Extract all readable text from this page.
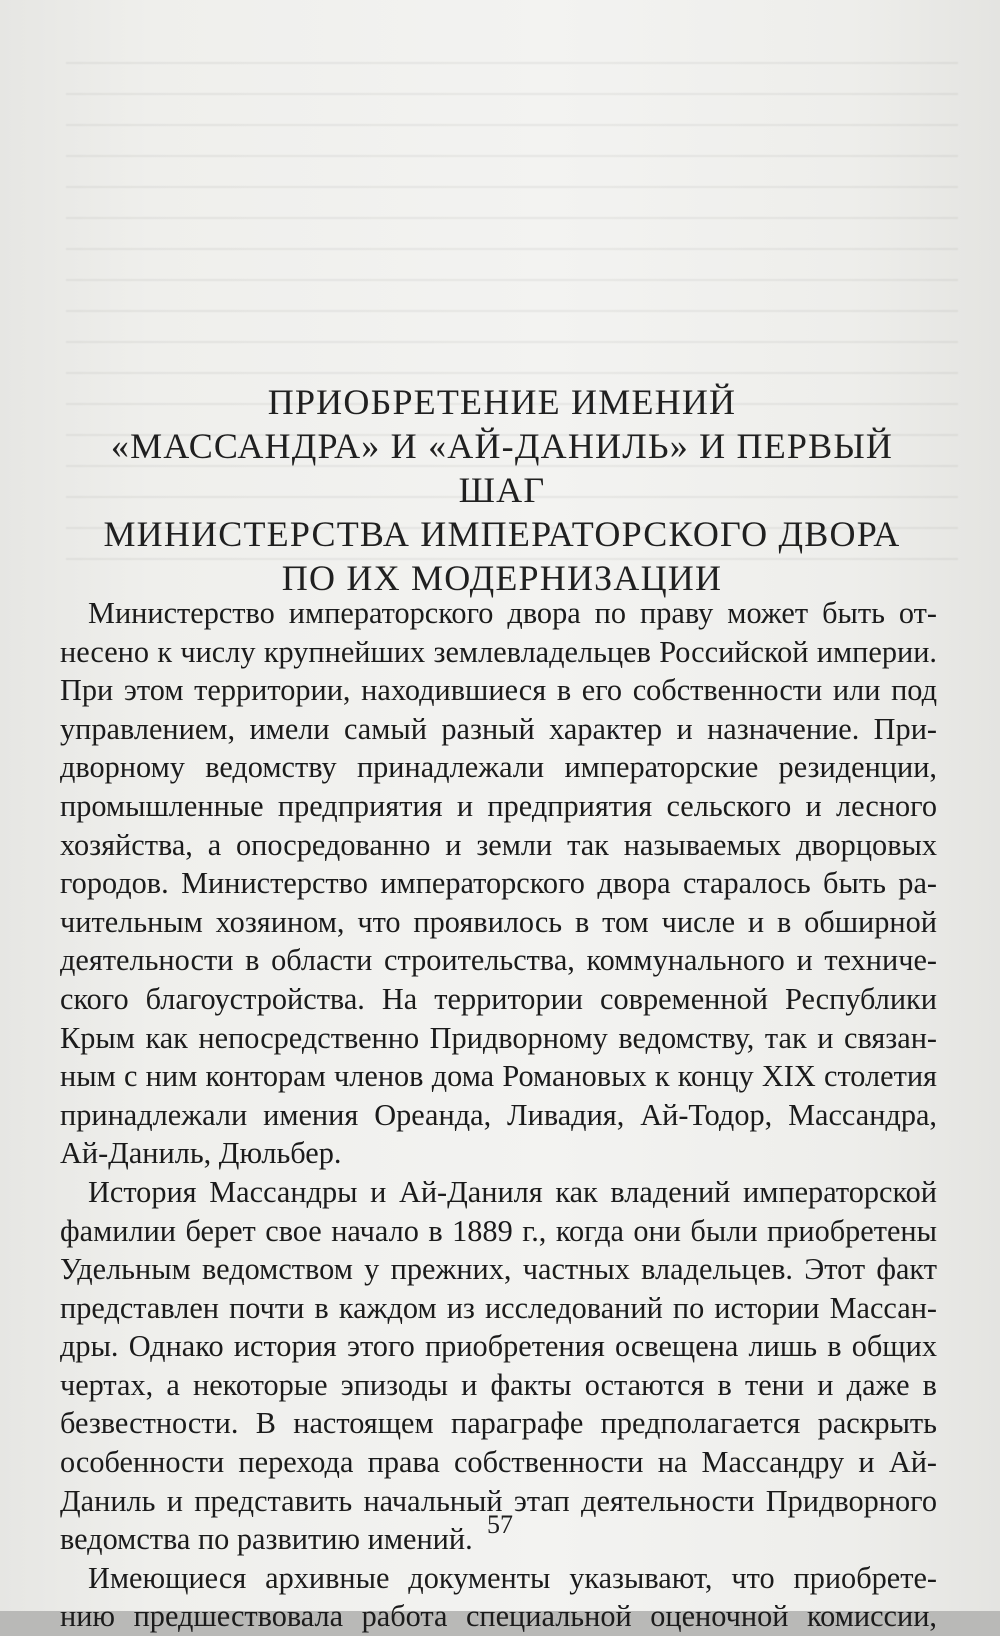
ПРИОБРЕТЕНИЕ ИМЕНИЙ
«МАССАНДРА» И «АЙ-ДАНИЛЬ» И ПЕРВЫЙ ШАГ
МИНИСТЕРСТВА ИМПЕРАТОРСКОГО ДВОРА
ПО ИХ МОДЕРНИЗАЦИИ
Министерство императорского двора по праву может быть от-
несено к числу крупнейших землевладельцев Российской империи.
При этом территории, находившиеся в его собственности или под
управлением, имели самый разный характер и назначение. При-
дворному ведомству принадлежали императорские резиденции,
промышленные предприятия и предприятия сельского и лесного
хозяйства, а опосредованно и земли так называемых дворцовых
городов. Министерство императорского двора старалось быть ра-
чительным хозяином, что проявилось в том числе и в обширной
деятельности в области строительства, коммунального и техниче-
ского благоустройства. На территории современной Республики
Крым как непосредственно Придворному ведомству, так и связан-
ным с ним конторам членов дома Романовых к концу XIX столетия
принадлежали имения Ореанда, Ливадия, Ай-Тодор, Массандра,
Ай-Даниль, Дюльбер.
История Массандры и Ай-Даниля как владений императорской
фамилии берет свое начало в 1889 г., когда они были приобретены
Удельным ведомством у прежних, частных владельцев. Этот факт
представлен почти в каждом из исследований по истории Массан-
дры. Однако история этого приобретения освещена лишь в общих
чертах, а некоторые эпизоды и факты остаются в тени и даже в
безвестности. В настоящем параграфе предполагается раскрыть
особенности перехода права собственности на Массандру и Ай-
Даниль и представить начальный этап деятельности Придворного
ведомства по развитию имений.
Имеющиеся архивные документы указывают, что приобрете-
нию предшествовала работа специальной оценочной комиссии,
57
